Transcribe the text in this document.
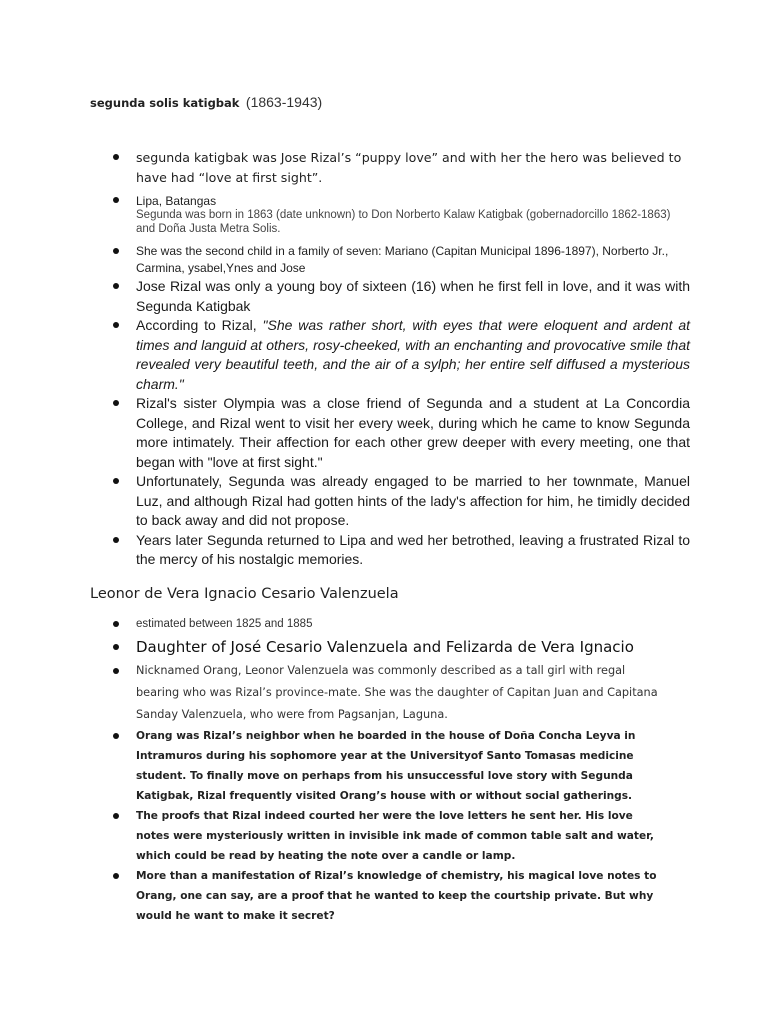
segunda solis katigbak (1863-1943)
segunda katigbak was Jose Rizal’s “puppy love” and with her the hero was believed to have had “love at first sight”.
Lipa, Batangas
Segunda was born in 1863 (date unknown) to Don Norberto Kalaw Katigbak (gobernadorcillo 1862-1863) and Doña Justa Metra Solis.
She was the second child in a family of seven: Mariano (Capitan Municipal 1896-1897), Norberto Jr., Carmina, ysabel,Ynes and Jose
Jose Rizal was only a young boy of sixteen (16) when he first fell in love, and it was with Segunda Katigbak
According to Rizal, "She was rather short, with eyes that were eloquent and ardent at times and languid at others, rosy-cheeked, with an enchanting and provocative smile that revealed very beautiful teeth, and the air of a sylph; her entire self diffused a mysterious charm."
Rizal's sister Olympia was a close friend of Segunda and a student at La Concordia College, and Rizal went to visit her every week, during which he came to know Segunda more intimately. Their affection for each other grew deeper with every meeting, one that began with "love at first sight."
Unfortunately, Segunda was already engaged to be married to her townmate, Manuel Luz, and although Rizal had gotten hints of the lady's affection for him, he timidly decided to back away and did not propose.
Years later Segunda returned to Lipa and wed her betrothed, leaving a frustrated Rizal to the mercy of his nostalgic memories.
Leonor de Vera Ignacio Cesario Valenzuela
estimated between 1825 and 1885
Daughter of José Cesario Valenzuela and Felizarda de Vera Ignacio
Nicknamed Orang, Leonor Valenzuela was commonly described as a tall girl with regal bearing who was Rizal’s province-mate. She was the daughter of Capitan Juan and Capitana Sanday Valenzuela, who were from Pagsanjan, Laguna.
Orang was Rizal’s neighbor when he boarded in the house of Doña Concha Leyva in Intramuros during his sophomore year at the Universityof Santo Tomasas medicine student. To finally move on perhaps from his unsuccessful love story with Segunda Katigbak, Rizal frequently visited Orang’s house with or without social gatherings.
The proofs that Rizal indeed courted her were the love letters he sent her. His love notes were mysteriously written in invisible ink made of common table salt and water, which could be read by heating the note over a candle or lamp.
More than a manifestation of Rizal’s knowledge of chemistry, his magical love notes to Orang, one can say, are a proof that he wanted to keep the courtship private. But why would he want to make it secret?
